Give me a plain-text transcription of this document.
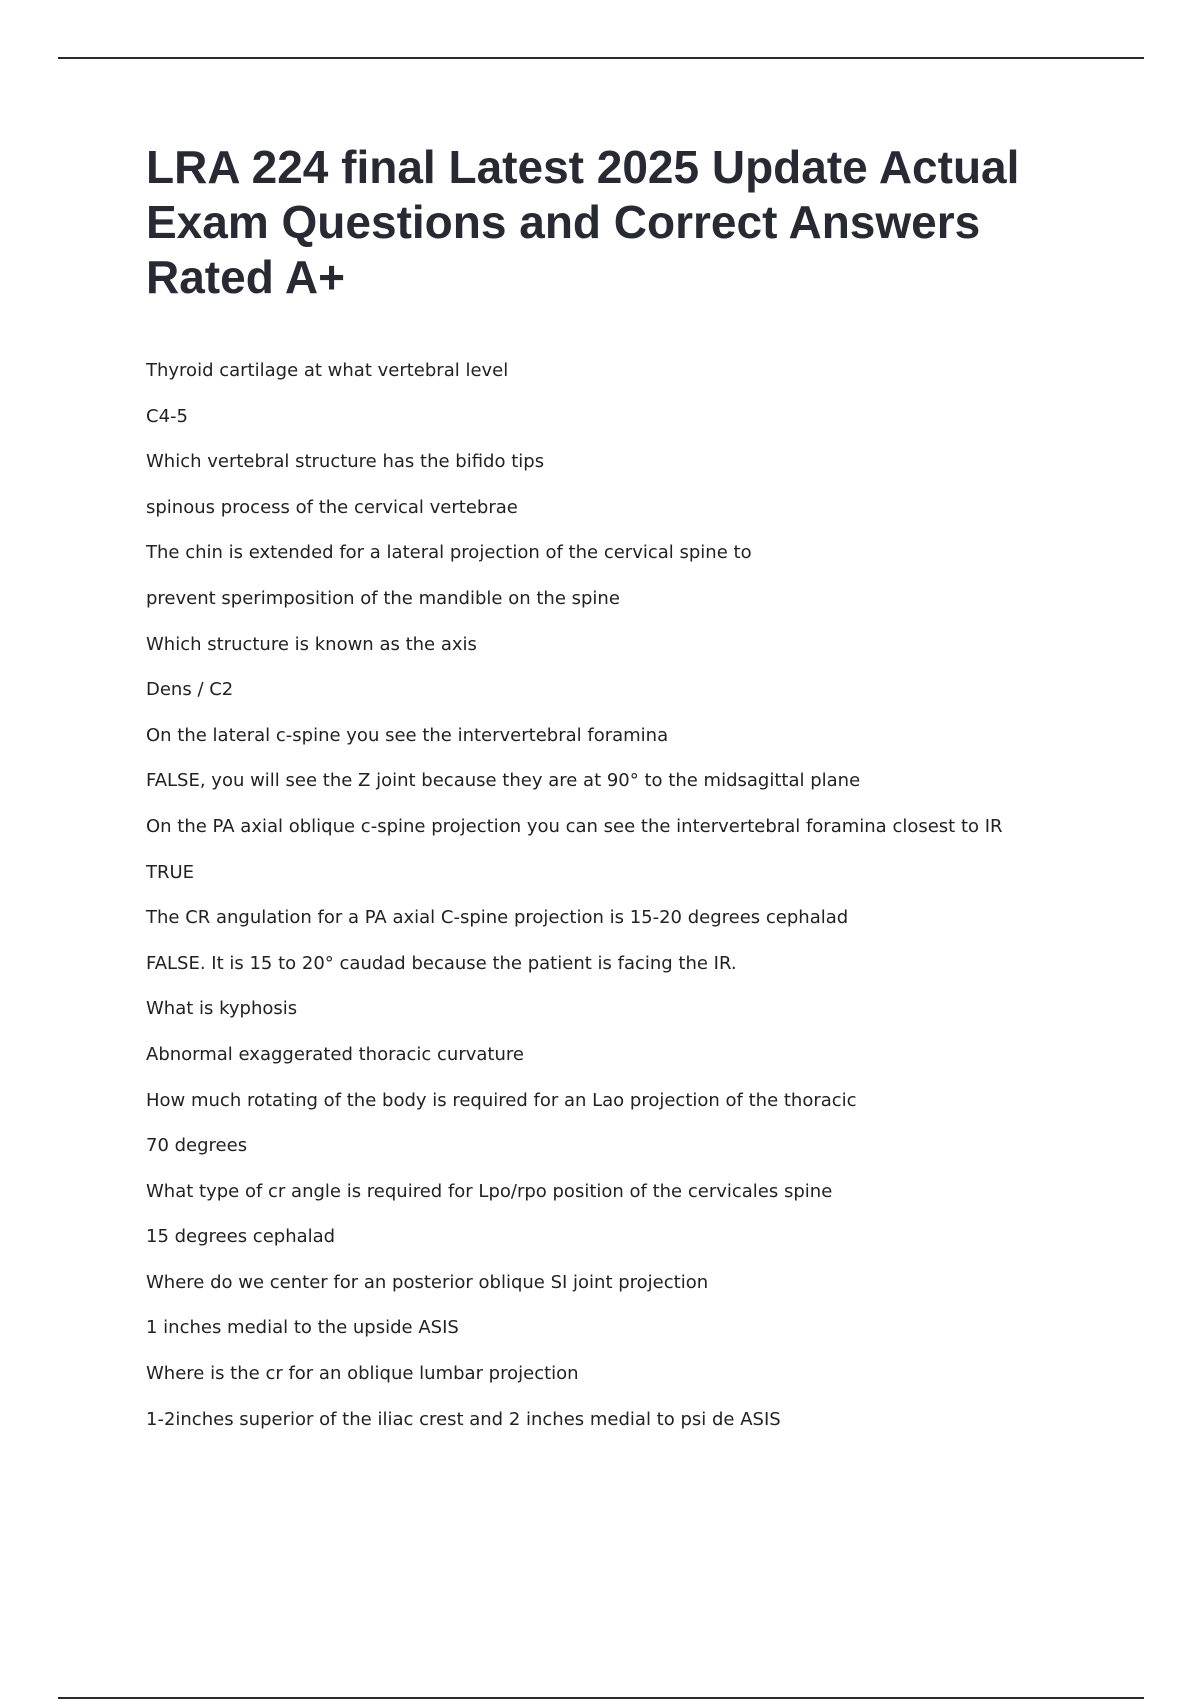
LRA 224 final Latest 2025 Update Actual Exam Questions and Correct Answers Rated A+
Thyroid cartilage at what vertebral level
C4-5
Which vertebral structure has the bifido tips
spinous process of the cervical vertebrae
The chin is extended for a lateral projection of the cervical spine to
prevent sperimposition of the mandible on the spine
Which structure is known as the axis
Dens / C2
On the lateral c-spine you see the intervertebral foramina
FALSE, you will see the Z joint because they are at 90° to the midsagittal plane
On the PA axial oblique c-spine projection you can see the intervertebral foramina closest to IR
TRUE
The CR angulation for a PA axial C-spine projection is 15-20 degrees cephalad
FALSE. It is 15 to 20° caudad because the patient is facing the IR.
What is kyphosis
Abnormal exaggerated thoracic curvature
How much rotating of the body is required for an Lao projection of the thoracic
70 degrees
What type of cr angle is required for Lpo/rpo position of the cervicales spine
15 degrees cephalad
Where do we center for an posterior oblique SI joint projection
1 inches medial to the upside ASIS
Where is the cr for an oblique lumbar projection
1-2inches superior of the iliac crest and 2 inches medial to psi de ASIS
